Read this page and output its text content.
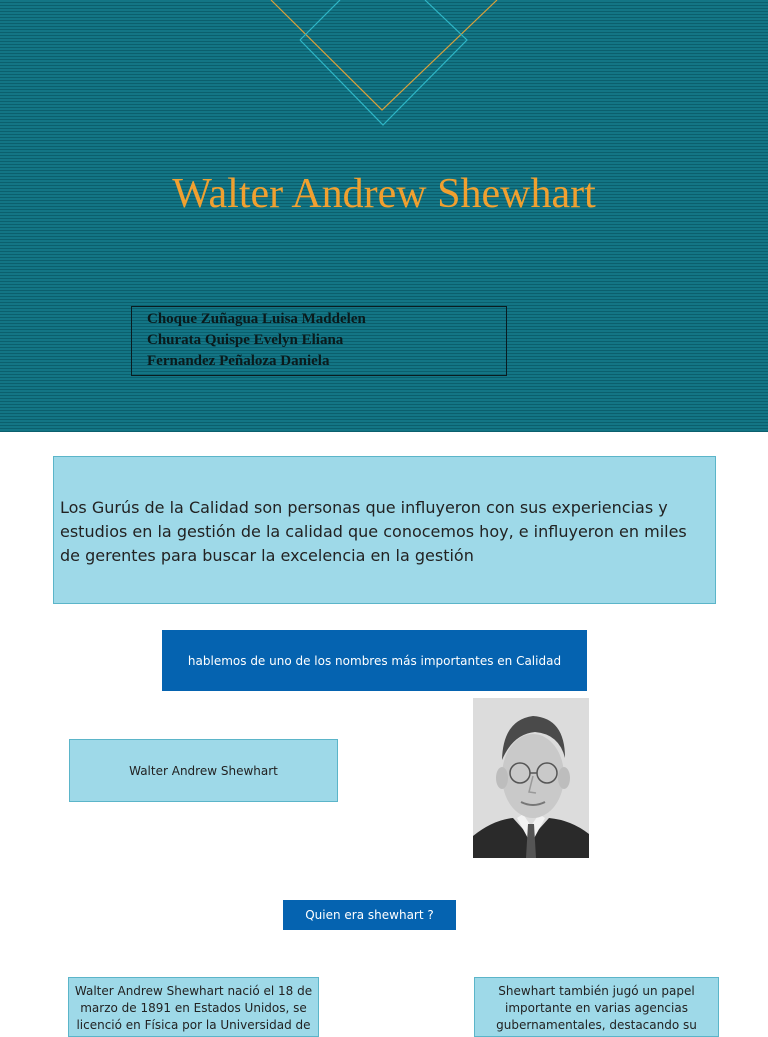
Walter Andrew Shewhart
Choque Zuñagua Luisa Maddelen
Churata Quispe Evelyn Eliana
Fernandez Peñaloza Daniela
Los Gurús de la Calidad son personas que influyeron con sus experiencias y estudios en la gestión de la calidad que conocemos hoy, e influyeron en miles de gerentes para buscar la excelencia en la gestión
hablemos de uno de los nombres más importantes en Calidad
Walter Andrew Shewhart
Quien era shewhart ?
Walter Andrew Shewhart nació el 18 de marzo de 1891 en Estados Unidos, se licenció en Física por la Universidad de
Shewhart también jugó un papel importante en varias agencias gubernamentales, destacando su
